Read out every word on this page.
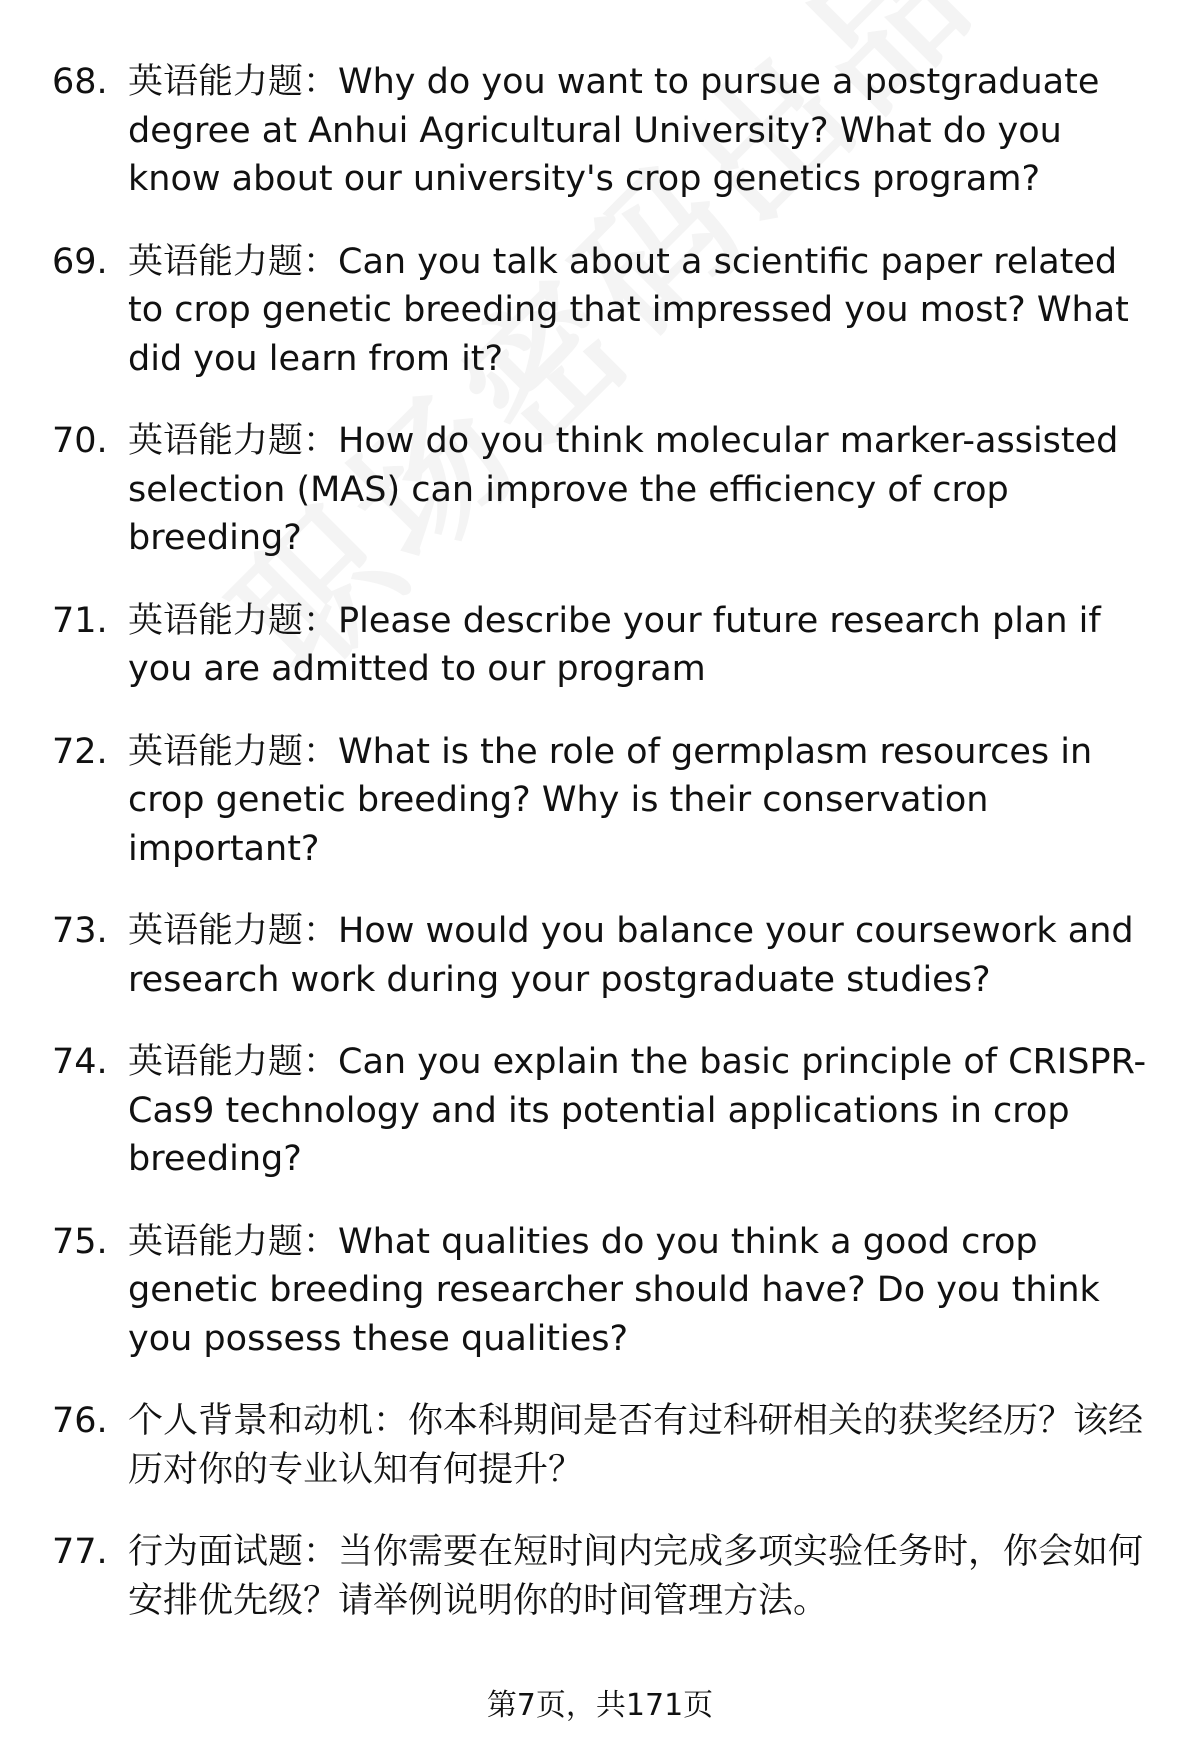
68. 英语能力题：Why do you want to pursue a postgraduate degree at Anhui Agricultural University? What do you know about our university's crop genetics program?
69. 英语能力题：Can you talk about a scientific paper related to crop genetic breeding that impressed you most? What did you learn from it?
70. 英语能力题：How do you think molecular marker-assisted selection (MAS) can improve the efficiency of crop breeding?
71. 英语能力题：Please describe your future research plan if you are admitted to our program
72. 英语能力题：What is the role of germplasm resources in crop genetic breeding? Why is their conservation important?
73. 英语能力题：How would you balance your coursework and research work during your postgraduate studies?
74. 英语能力题：Can you explain the basic principle of CRISPR-Cas9 technology and its potential applications in crop breeding?
75. 英语能力题：What qualities do you think a good crop genetic breeding researcher should have? Do you think you possess these qualities?
76. 个人背景和动机：你本科期间是否有过科研相关的获奖经历？该经历对你的专业认知有何提升？
77. 行为面试题：当你需要在短时间内完成多项实验任务时，你会如何安排优先级？请举例说明你的时间管理方法。
第7页，共171页
